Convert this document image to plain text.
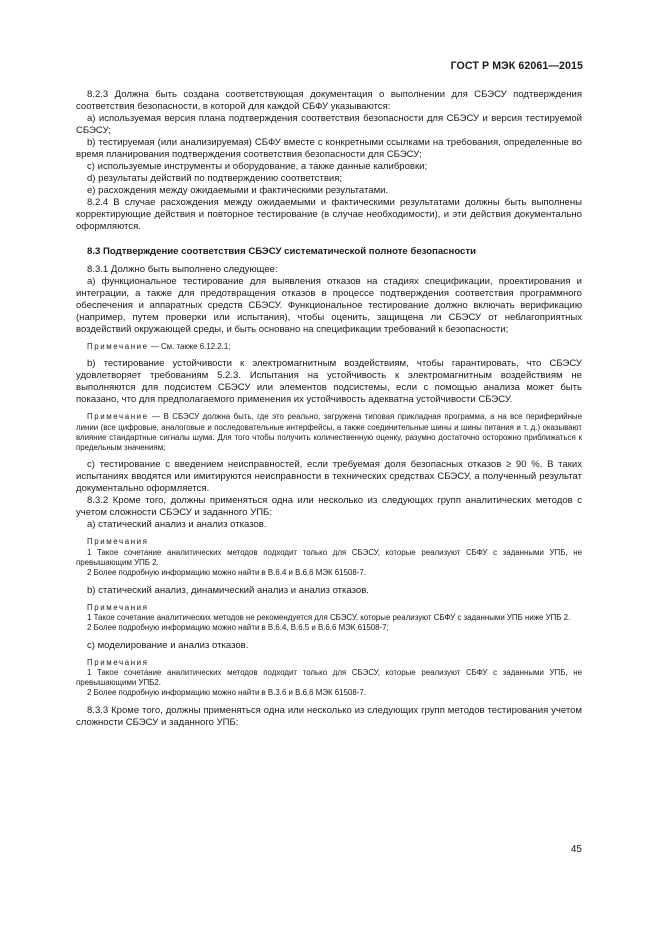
ГОСТ Р МЭК 62061—2015

8.2.3 Должна быть создана соответствующая документация о выполнении для СБЭСУ подтверждения соответствия безопасности, в которой для каждой СБФУ указываются:

а) используемая версия плана подтверждения соответствия безопасности для СБЭСУ и версия тестируемой СБЭСУ;

b) тестируемая (или анализируемая) СБФУ вместе с конкретными ссылками на требования, определенные во время планирования подтверждения соответствия безопасности для СБЭСУ;

с) используемые инструменты и оборудование, а также данные калибровки;

d) результаты действий по подтверждению соответствия;

е) расхождения между ожидаемыми и фактическими результатами.

8.2.4 В случае расхождения между ожидаемыми и фактическими результатами должны быть выполнены корректирующие действия и повторное тестирование (в случае необходимости), и эти действия документально оформляются.

8.3 Подтверждение соответствия СБЭСУ систематической полноте безопасности

8.3.1 Должно быть выполнено следующее:

а) функциональное тестирование для выявления отказов на стадиях спецификации, проектирования и интеграции, а также для предотвращения отказов в процессе подтверждения соответствия программного обеспечения и аппаратных средств СБЭСУ. Функциональное тестирование должно включать верификацию (например, путем проверки или испытания), чтобы оценить, защищена ли СБЭСУ от неблагоприятных воздействий окружающей среды, и быть основано на спецификации требований к безопасности;

Примечание — См. также 6.12.2.1;

b) тестирование устойчивости к электромагнитным воздействиям, чтобы гарантировать, что СБЭСУ удовлетворяет требованиям 5.2.3. Испытания на устойчивость к электромагнитным воздействиям не выполняются для подсистем СБЭСУ или элементов подсистемы, если с помощью анализа может быть показано, что для предполагаемого применения их устойчивость адекватна устойчивости СБЭСУ.

Примечание — В СБЭСУ должна быть, где это реально, загружена типовая прикладная программа, а на все периферийные линии (все цифровые, аналоговые и последовательные интерфейсы, а также соединительные шины и шины питания и т. д.) оказывают влияние стандартные сигналы шума. Для того чтобы получить количественную оценку, разумно достаточно осторожно приближаться к предельным значениям;

с) тестирование с введением неисправностей, если требуемая доля безопасных отказов ≥ 90 %. В таких испытаниях вводятся или имитируются неисправности в технических средствах СБЭСУ, а полученный результат документально оформляется.

8.3.2 Кроме того, должны применяться одна или несколько из следующих групп аналитических методов с учетом сложности СБЭСУ и заданного УПБ:

а) статический анализ и анализ отказов.

Примечания

1 Такое сочетание аналитических методов подходит только для СБЭСУ, которые реализуют СБФУ с заданными УПБ, не превышающим УПБ 2.

2 Более подробную информацию можно найти в В.6.4 и В.6.6 МЭК 61508-7.

b) статический анализ, динамический анализ и анализ отказов.

Примечания

1 Такое сочетание аналитических методов не рекомендуется для СБЭСУ, которые реализуют СБФУ с заданными УПБ ниже УПБ 2.

2 Более подробную информацию можно найти в В.6.4, В.6.5 и В.6.6 МЭК 61508-7;

с) моделирование и анализ отказов.

Примечания

1 Такое сочетание аналитических методов подходит только для СБЭСУ, которые реализуют СБФУ с заданными УПБ, не превышающими УПБ2.

2 Более подробную информацию можно найти в В.3.6 и В.6.6 МЭК 61508-7.

8.3.3 Кроме того, должны применяться одна или несколько из следующих групп методов тестирования учетом сложности СБЭСУ и заданного УПБ:

45
